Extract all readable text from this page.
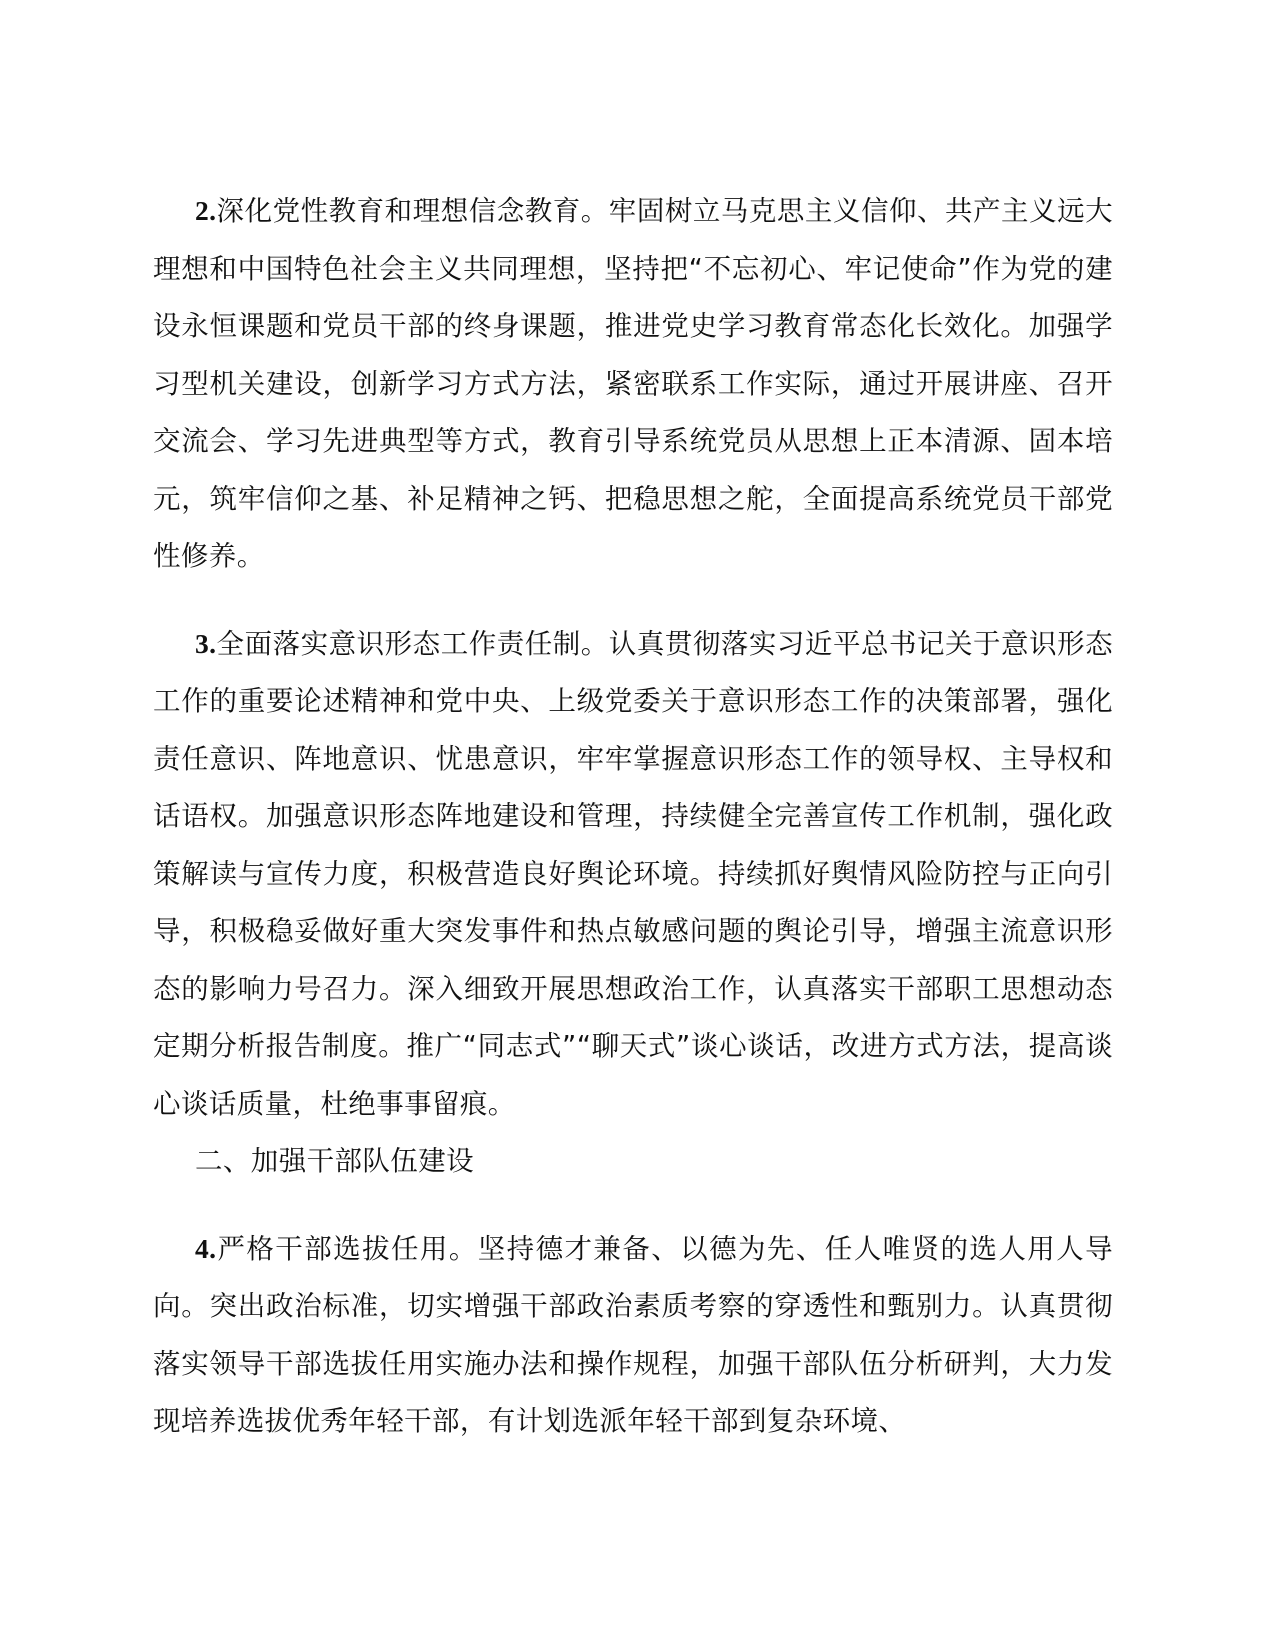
2.深化党性教育和理想信念教育。牢固树立马克思主义信仰、共产主义远大理想和中国特色社会主义共同理想，坚持把“不忘初心、牢记使命”作为党的建设永恒课题和党员干部的终身课题，推进党史学习教育常态化长效化。加强学习型机关建设，创新学习方式方法，紧密联系工作实际，通过开展讲座、召开交流会、学习先进典型等方式，教育引导系统党员从思想上正本清源、固本培元，筑牢信仰之基、补足精神之钙、把稳思想之舵，全面提高系统党员干部党性修养。

3.全面落实意识形态工作责任制。认真贯彻落实习近平总书记关于意识形态工作的重要论述精神和党中央、上级党委关于意识形态工作的决策部署，强化责任意识、阵地意识、忧患意识，牢牢掌握意识形态工作的领导权、主导权和话语权。加强意识形态阵地建设和管理，持续健全完善宣传工作机制，强化政策解读与宣传力度，积极营造良好舆论环境。持续抓好舆情风险防控与正向引导，积极稳妥做好重大突发事件和热点敏感问题的舆论引导，增强主流意识形态的影响力号召力。深入细致开展思想政治工作，认真落实干部职工思想动态定期分析报告制度。推广“同志式”“聊天式”谈心谈话，改进方式方法，提高谈心谈话质量，杜绝事事留痕。

二、加强干部队伍建设

4.严格干部选拔任用。坚持德才兼备、以德为先、任人唯贤的选人用人导向。突出政治标准，切实增强干部政治素质考察的穿透性和甄别力。认真贯彻落实领导干部选拔任用实施办法和操作规程，加强干部队伍分析研判，大力发现培养选拔优秀年轻干部，有计划选派年轻干部到复杂环境、
